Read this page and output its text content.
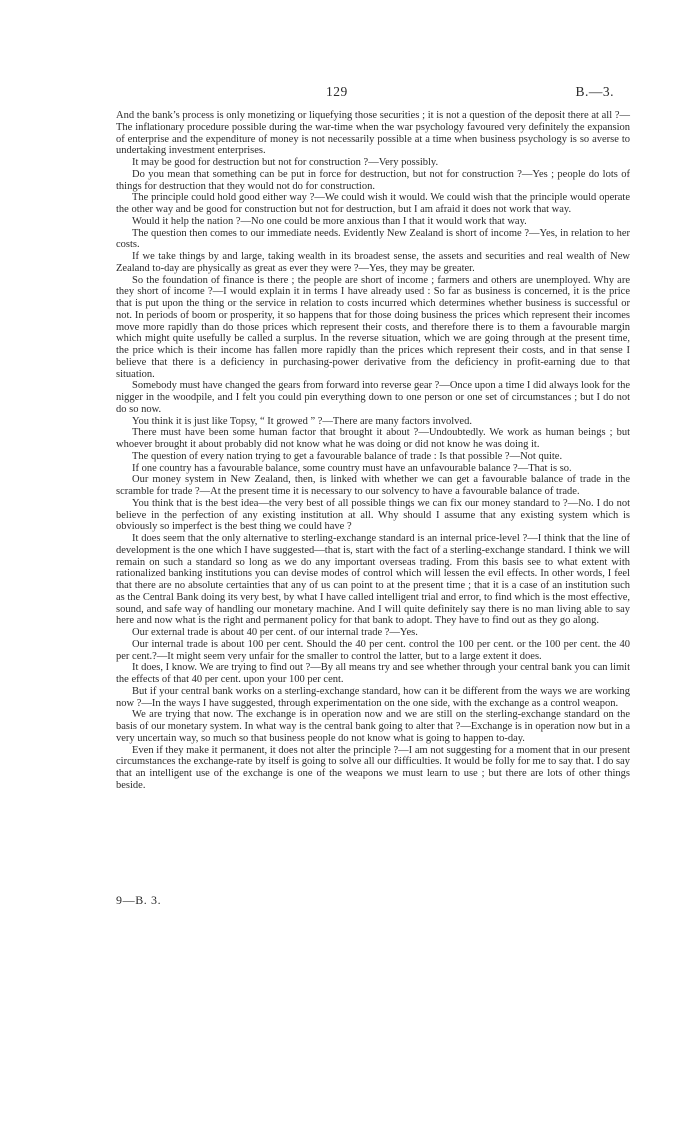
129	B.—3.

And the bank’s process is only monetizing or liquefying those securities ; it is not a question of the deposit there at all ?—The inflationary procedure possible during the war-time when the war psychology favoured very definitely the expansion of enterprise and the expenditure of money is not necessarily possible at a time when business psychology is so averse to undertaking investment enterprises.

It may be good for destruction but not for construction ?—Very possibly.

Do you mean that something can be put in force for destruction, but not for construction ?—Yes ; people do lots of things for destruction that they would not do for construction.

The principle could hold good either way ?—We could wish it would. We could wish that the principle would operate the other way and be good for construction but not for destruction, but I am afraid it does not work that way.

Would it help the nation ?—No one could be more anxious than I that it would work that way.

The question then comes to our immediate needs. Evidently New Zealand is short of income ?—Yes, in relation to her costs.

If we take things by and large, taking wealth in its broadest sense, the assets and securities and real wealth of New Zealand to-day are physically as great as ever they were ?—Yes, they may be greater.

So the foundation of finance is there ; the people are short of income ; farmers and others are unemployed. Why are they short of income ?—I would explain it in terms I have already used : So far as business is concerned, it is the price that is put upon the thing or the service in relation to costs incurred which determines whether business is successful or not. In periods of boom or prosperity, it so happens that for those doing business the prices which represent their incomes move more rapidly than do those prices which represent their costs, and therefore there is to them a favourable margin which might quite usefully be called a surplus. In the reverse situation, which we are going through at the present time, the price which is their income has fallen more rapidly than the prices which represent their costs, and in that sense I believe that there is a deficiency in purchasing-power derivative from the deficiency in profit-earning due to that situation.

Somebody must have changed the gears from forward into reverse gear ?—Once upon a time I did always look for the nigger in the woodpile, and I felt you could pin everything down to one person or one set of circumstances ; but I do not do so now.

You think it is just like Topsy, “ It growed ” ?—There are many factors involved.

There must have been some human factor that brought it about ?—Undoubtedly. We work as human beings ; but whoever brought it about probably did not know what he was doing or did not know he was doing it.

The question of every nation trying to get a favourable balance of trade : Is that possible ?—Not quite.

If one country has a favourable balance, some country must have an unfavourable balance ?—That is so.

Our money system in New Zealand, then, is linked with whether we can get a favourable balance of trade in the scramble for trade ?—At the present time it is necessary to our solvency to have a favourable balance of trade.

You think that is the best idea—the very best of all possible things we can fix our money standard to ?—No. I do not believe in the perfection of any existing institution at all. Why should I assume that any existing system which is obviously so imperfect is the best thing we could have ?

It does seem that the only alternative to sterling-exchange standard is an internal price-level ?—I think that the line of development is the one which I have suggested—that is, start with the fact of a sterling-exchange standard. I think we will remain on such a standard so long as we do any important overseas trading. From this basis see to what extent with rationalized banking institutions you can devise modes of control which will lessen the evil effects. In other words, I feel that there are no absolute certainties that any of us can point to at the present time ; that it is a case of an institution such as the Central Bank doing its very best, by what I have called intelligent trial and error, to find which is the most effective, sound, and safe way of handling our monetary machine. And I will quite definitely say there is no man living able to say here and now what is the right and permanent policy for that bank to adopt. They have to find out as they go along.

Our external trade is about 40 per cent. of our internal trade ?—Yes.

Our internal trade is about 100 per cent. Should the 40 per cent. control the 100 per cent. or the 100 per cent. the 40 per cent.?—It might seem very unfair for the smaller to control the latter, but to a large extent it does.

It does, I know. We are trying to find out ?—By all means try and see whether through your central bank you can limit the effects of that 40 per cent. upon your 100 per cent.

But if your central bank works on a sterling-exchange standard, how can it be different from the ways we are working now ?—In the ways I have suggested, through experimentation on the one side, with the exchange as a control weapon.

We are trying that now. The exchange is in operation now and we are still on the sterling-exchange standard on the basis of our monetary system. In what way is the central bank going to alter that ?—Exchange is in operation now but in a very uncertain way, so much so that business people do not know what is going to happen to-day.

Even if they make it permanent, it does not alter the principle ?—I am not suggesting for a moment that in our present circumstances the exchange-rate by itself is going to solve all our difficulties. It would be folly for me to say that. I do say that an intelligent use of the exchange is one of the weapons we must learn to use ; but there are lots of other things beside.

9—B. 3.
